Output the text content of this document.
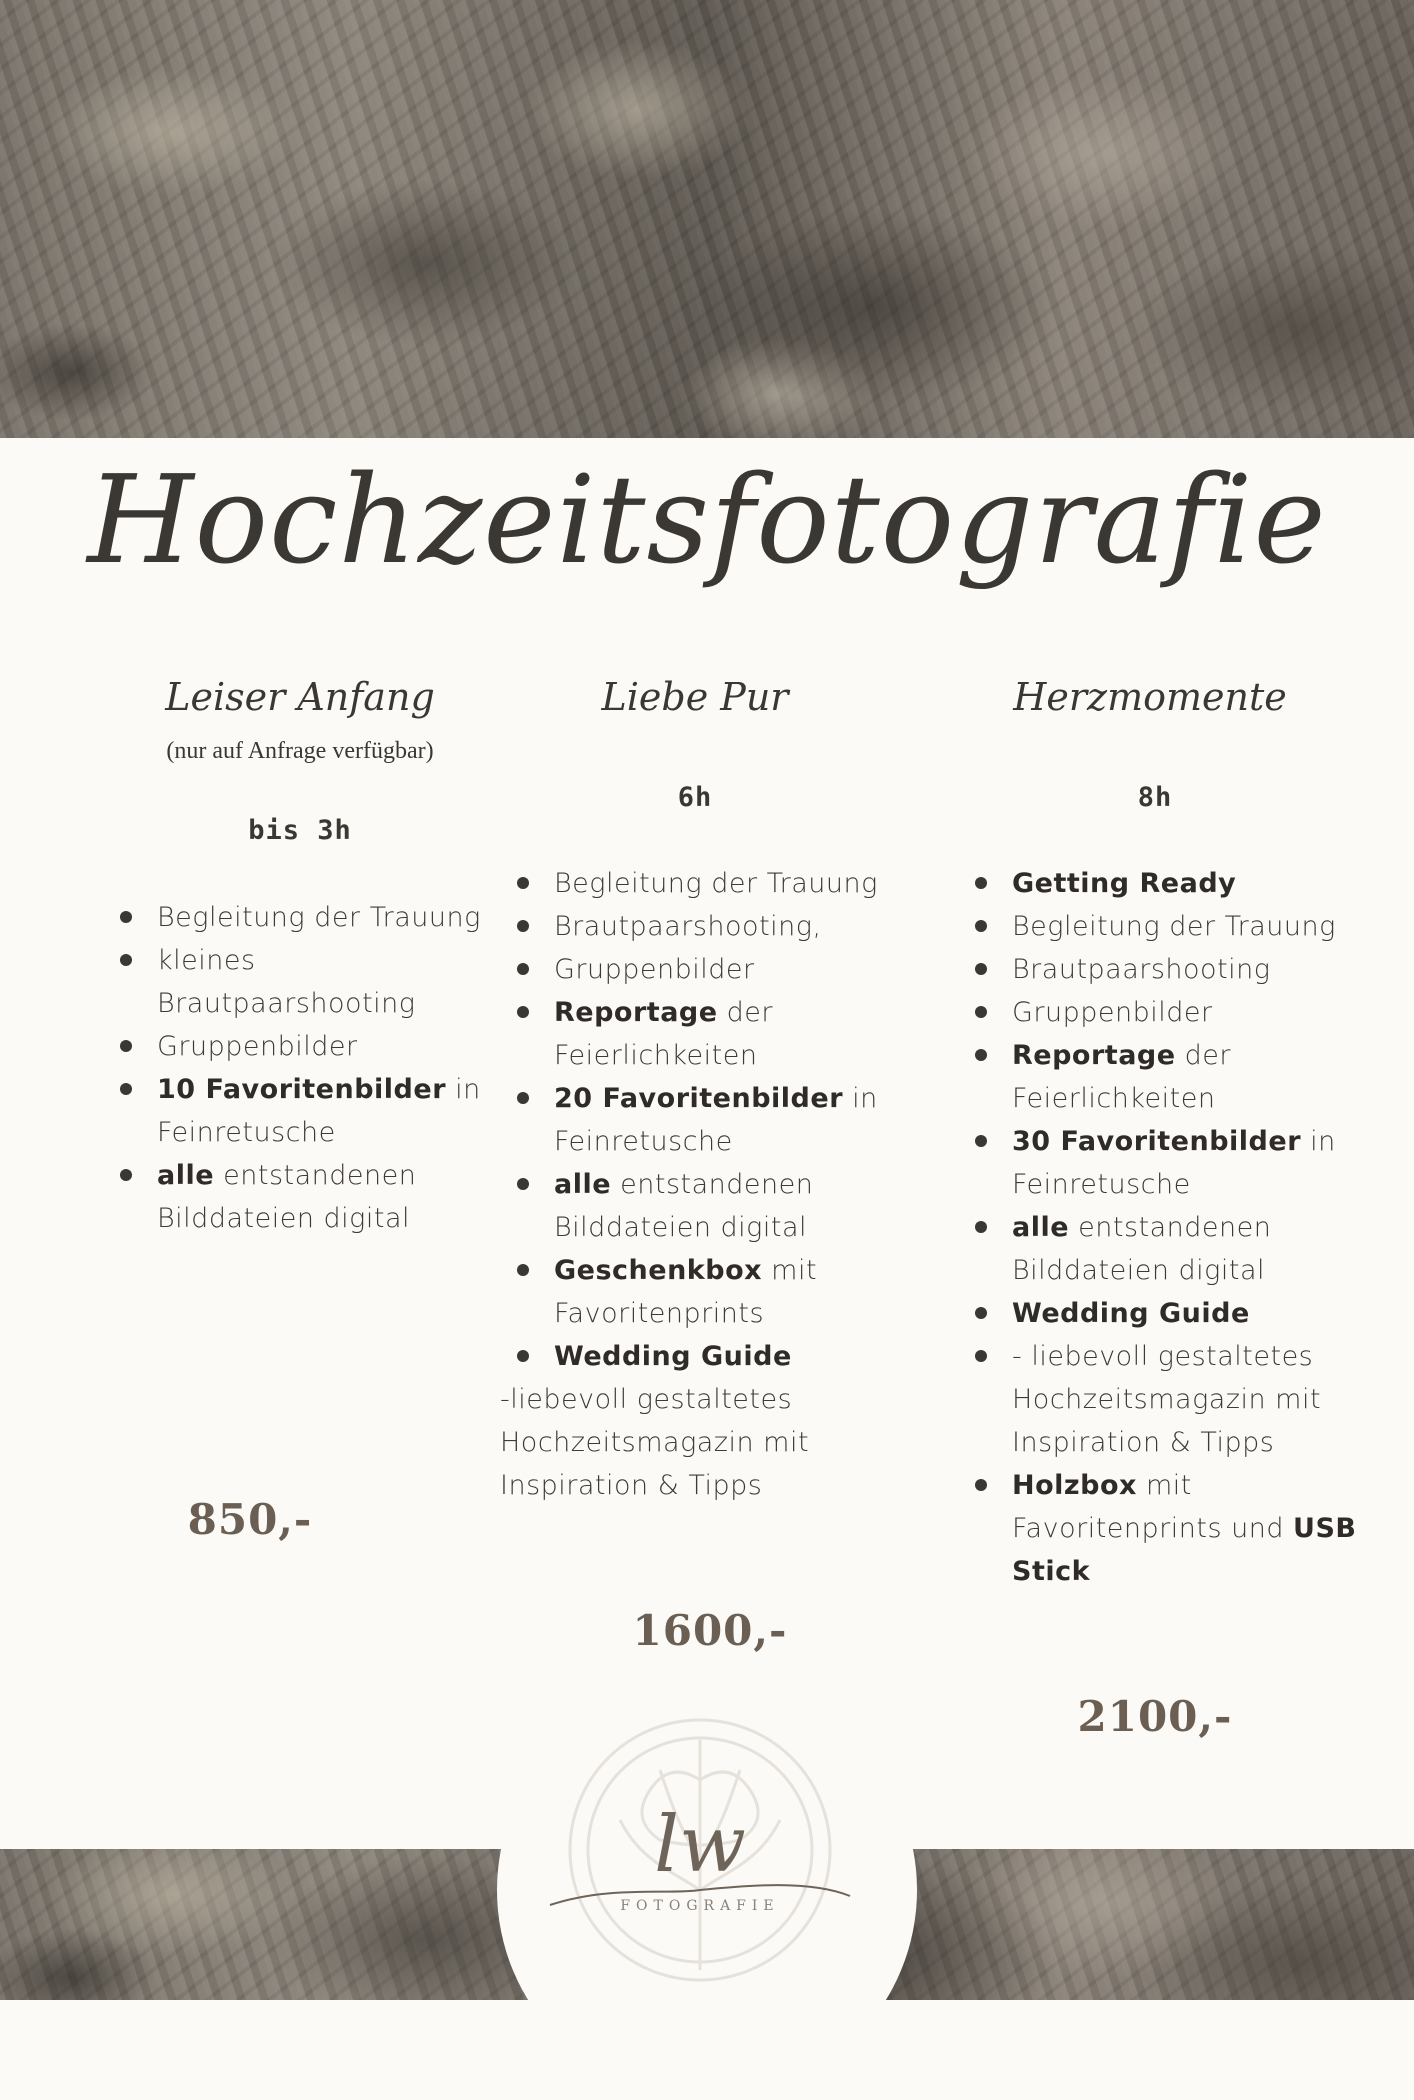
Hochzeitsfotografie
Leiser Anfang
(nur auf Anfrage verfügbar)
bis 3h
Begleitung der Trauung
kleines Brautpaarshooting
Gruppenbilder
10 Favoritenbilder in Feinretusche
alle entstandenen Bilddateien digital
850,-
Liebe Pur
6h
Begleitung der Trauung
Brautpaarshooting,
Gruppenbilder
Reportage der Feierlichkeiten
20 Favoritenbilder in Feinretusche
alle entstandenen Bilddateien digital
Geschenkbox mit Favoritenprints
Wedding Guide
-liebevoll gestaltetes Hochzeitsmagazin mit Inspiration & Tipps
1600,-
Herzmomente
8h
Getting Ready
Begleitung der Trauung
Brautpaarshooting
Gruppenbilder
Reportage der Feierlichkeiten
30 Favoritenbilder in Feinretusche
alle entstandenen Bilddateien digital
Wedding Guide
- liebevoll gestaltetes Hochzeitsmagazin mit Inspiration & Tipps
Holzbox mit Favoritenprints und USB Stick
2100,-
lw
FOTOGRAFIE
